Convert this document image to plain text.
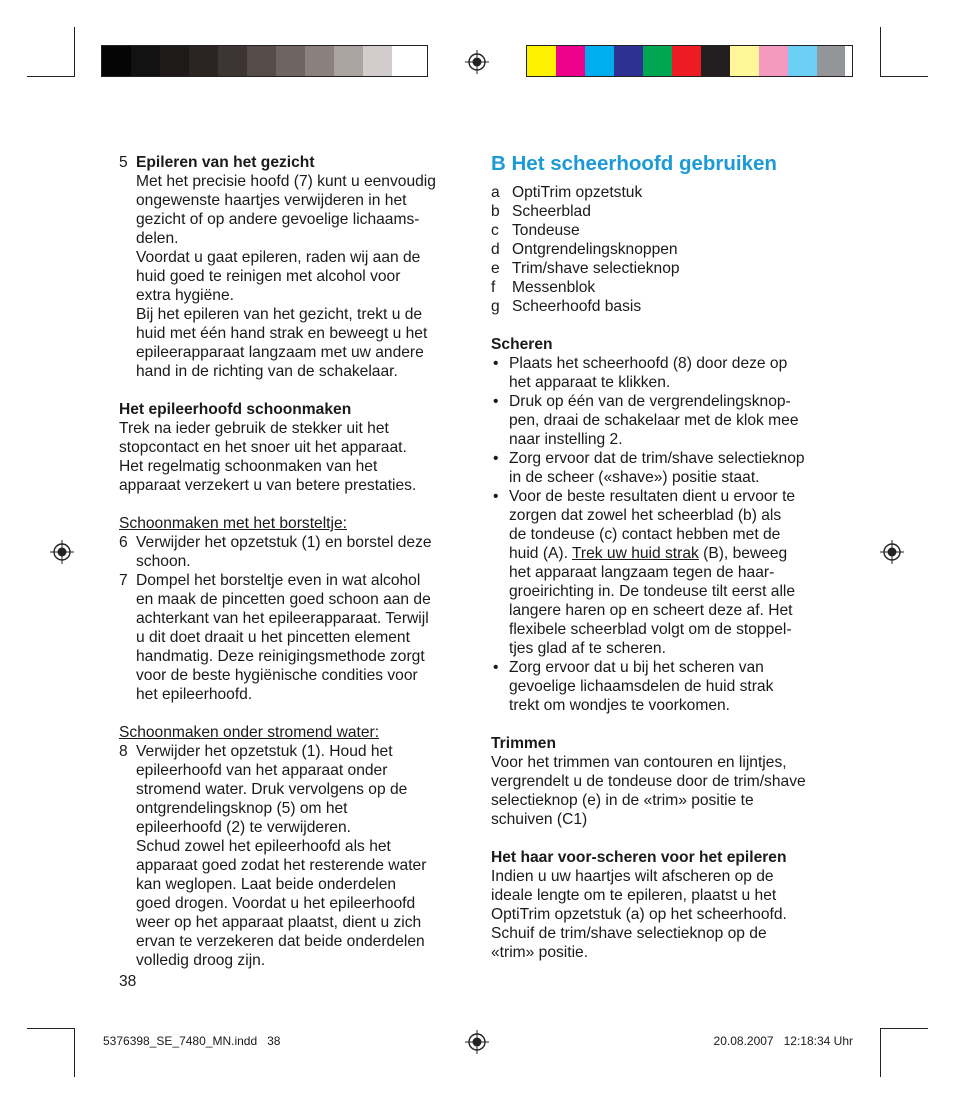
5 Epileren van het gezicht
Met het precisie hoofd (7) kunt u eenvoudig
ongewenste haartjes verwijderen in het
gezicht of op andere gevoelige lichaams-
delen.
Voordat u gaat epileren, raden wij aan de
huid goed te reinigen met alcohol voor
extra hygiëne.
Bij het epileren van het gezicht, trekt u de
huid met één hand strak en beweegt u het
epileerapparaat langzaam met uw andere
hand in de richting van de schakelaar.
Het epileerhoofd schoonmaken
Trek na ieder gebruik de stekker uit het
stopcontact en het snoer uit het apparaat.
Het regelmatig schoonmaken van het
apparaat verzekert u van betere prestaties.
Schoonmaken met het borsteltje:
6 Verwijder het opzetstuk (1) en borstel deze
schoon.
7 Dompel het borsteltje even in wat alcohol
en maak de pincetten goed schoon aan de
achterkant van het epileerapparaat. Terwijl
u dit doet draait u het pincetten element
handmatig. Deze reinigingsmethode zorgt
voor de beste hygiënische condities voor
het epileerhoofd.
Schoonmaken onder stromend water:
8 Verwijder het opzetstuk (1). Houd het
epileerhoofd van het apparaat onder
stromend water. Druk vervolgens op de
ontgrendelingsknop (5) om het
epileerhoofd (2) te verwijderen.
Schud zowel het epileerhoofd als het
apparaat goed zodat het resterende water
kan weglopen. Laat beide onderdelen
goed drogen. Voordat u het epileerhoofd
weer op het apparaat plaatst, dient u zich
ervan te verzekeren dat beide onderdelen
volledig droog zijn.
38
B Het scheerhoofd gebruiken
a OptiTrim opzetstuk
b Scheerblad
c Tondeuse
d Ontgrendelingsknoppen
e Trim/shave selectieknop
f Messenblok
g Scheerhoofd basis
Scheren
• Plaats het scheerhoofd (8) door deze op
het apparaat te klikken.
• Druk op één van de vergrendelingsknop-
pen, draai de schakelaar met de klok mee
naar instelling 2.
• Zorg ervoor dat de trim/shave selectieknop
in de scheer («shave») positie staat.
• Voor de beste resultaten dient u ervoor te
zorgen dat zowel het scheerblad (b) als
de tondeuse (c) contact hebben met de
huid (A). Trek uw huid strak (B), beweeg
het apparaat langzaam tegen de haar-
groeirichting in. De tondeuse tilt eerst alle
langere haren op en scheert deze af. Het
flexibele scheerblad volgt om de stoppel-
tjes glad af te scheren.
• Zorg ervoor dat u bij het scheren van
gevoelige lichaamsdelen de huid strak
trekt om wondjes te voorkomen.
Trimmen
Voor het trimmen van contouren en lijntjes,
vergrendelt u de tondeuse door de trim/shave
selectieknop (e) in de «trim» positie te
schuiven (C1)
Het haar voor-scheren voor het epileren
Indien u uw haartjes wilt afscheren op de
ideale lengte om te epileren, plaatst u het
OptiTrim opzetstuk (a) op het scheerhoofd.
Schuif de trim/shave selectieknop op de
«trim» positie.
5376398_SE_7480_MN.indd   38	20.08.2007   12:18:34 Uhr
